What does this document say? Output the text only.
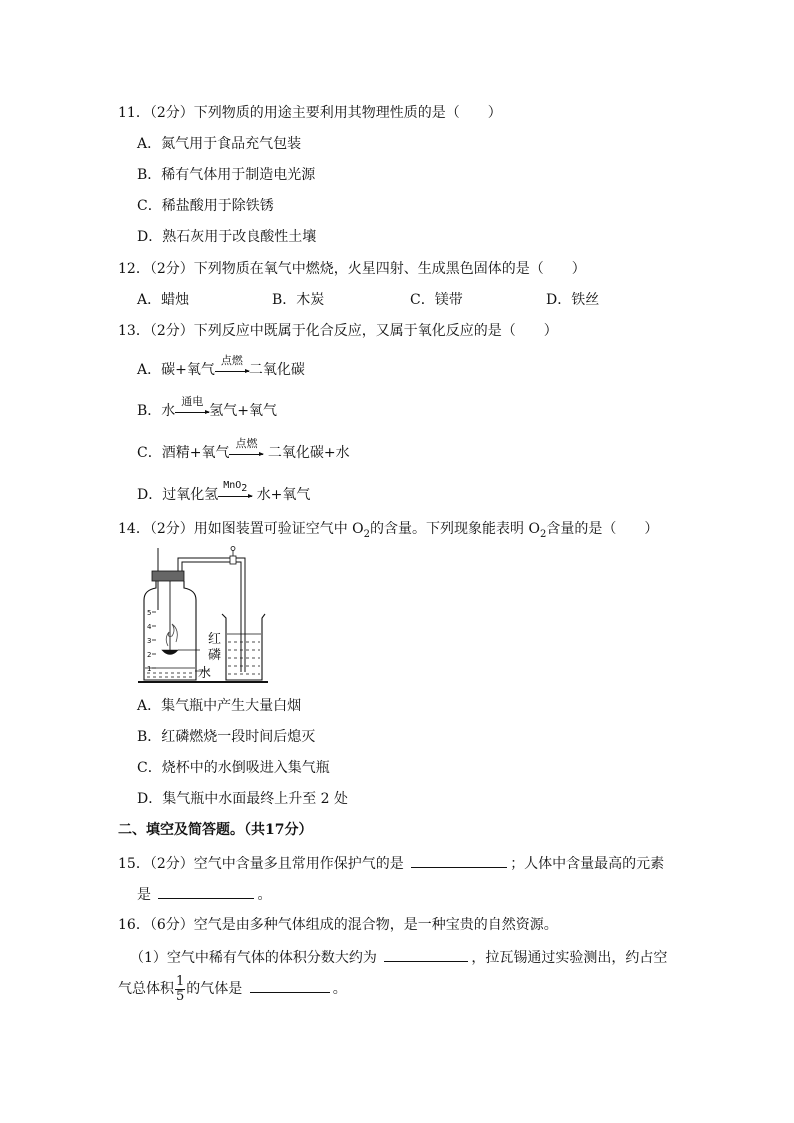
11．（2分）下列物质的用途主要利用其物理性质的是（　　）
A．氮气用于食品充气包装
B．稀有气体用于制造电光源
C．稀盐酸用于除铁锈
D．熟石灰用于改良酸性土壤
12．（2分）下列物质在氧气中燃烧，火星四射、生成黑色固体的是（　　）
A．蜡烛	B．木炭	C．镁带	D．铁丝
13．（2分）下列反应中既属于化合反应，又属于氧化反应的是（　　）
A．碳+氧气
点燃
二氧化碳
B．水
通电
氢气+氧气
C．酒精+氧气
点燃
二氧化碳+水
D．过氧化氢
MnO$_2$ 水+氧气
14．（2分）用如图装置可验证空气中 $O_2$的含量。下列现象能表明 $O_2$含量的是（　　）
5
4
3
2
1
红
磷
水
A．集气瓶中产生大量白烟
B．红磷燃烧一段时间后熄灭
C．烧杯中的水倒吸进入集气瓶
D．集气瓶中水面最终上升至 2 处
二、填空及简答题。（共17分）
15．（2分）空气中含量多且常用作保护气的是	；人体中含量最高的元素
是	。
16．（6分）空气是由多种气体组成的混合物，是一种宝贵的自然资源。
（1）空气中稀有气体的体积分数大约为	，拉瓦锡通过实验测出，约占空
气总体积 $\frac{1}{5}$ 的气体是	。
